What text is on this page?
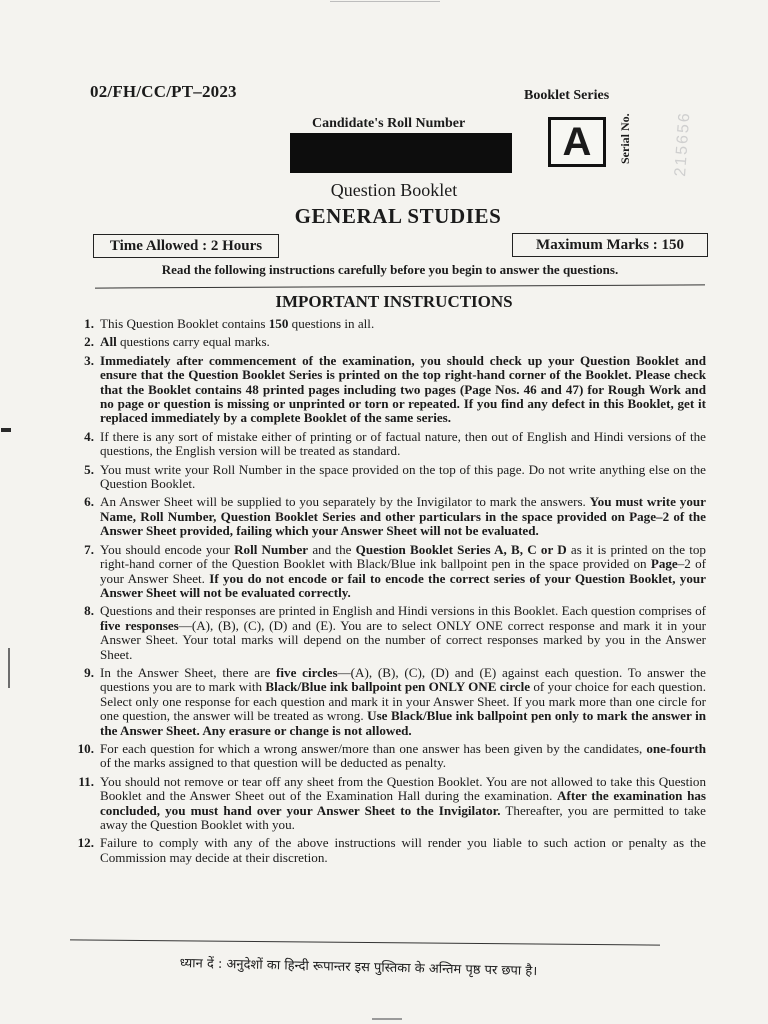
02/FH/CC/PT–2023	Booklet Series
Candidate's Roll Number	A	Serial No.	215656
Question Booklet
GENERAL STUDIES
Time Allowed : 2 Hours	Maximum Marks : 150
Read the following instructions carefully before you begin to answer the questions.
IMPORTANT INSTRUCTIONS
1. This Question Booklet contains 150 questions in all.
2. All questions carry equal marks.
3. Immediately after commencement of the examination, you should check up your Question Booklet and ensure that the Question Booklet Series is printed on the top right-hand corner of the Booklet. Please check that the Booklet contains 48 printed pages including two pages (Page Nos. 46 and 47) for Rough Work and no page or question is missing or unprinted or torn or repeated. If you find any defect in this Booklet, get it replaced immediately by a complete Booklet of the same series.
4. If there is any sort of mistake either of printing or of factual nature, then out of English and Hindi versions of the questions, the English version will be treated as standard.
5. You must write your Roll Number in the space provided on the top of this page. Do not write anything else on the Question Booklet.
6. An Answer Sheet will be supplied to you separately by the Invigilator to mark the answers. You must write your Name, Roll Number, Question Booklet Series and other particulars in the space provided on Page–2 of the Answer Sheet provided, failing which your Answer Sheet will not be evaluated.
7. You should encode your Roll Number and the Question Booklet Series A, B, C or D as it is printed on the top right-hand corner of the Question Booklet with Black/Blue ink ballpoint pen in the space provided on Page–2 of your Answer Sheet. If you do not encode or fail to encode the correct series of your Question Booklet, your Answer Sheet will not be evaluated correctly.
8. Questions and their responses are printed in English and Hindi versions in this Booklet. Each question comprises of five responses—(A), (B), (C), (D) and (E). You are to select ONLY ONE correct response and mark it in your Answer Sheet. Your total marks will depend on the number of correct responses marked by you in the Answer Sheet.
9. In the Answer Sheet, there are five circles—(A), (B), (C), (D) and (E) against each question. To answer the questions you are to mark with Black/Blue ink ballpoint pen ONLY ONE circle of your choice for each question. Select only one response for each question and mark it in your Answer Sheet. If you mark more than one circle for one question, the answer will be treated as wrong. Use Black/Blue ink ballpoint pen only to mark the answer in the Answer Sheet. Any erasure or change is not allowed.
10. For each question for which a wrong answer/more than one answer has been given by the candidates, one-fourth of the marks assigned to that question will be deducted as penalty.
11. You should not remove or tear off any sheet from the Question Booklet. You are not allowed to take this Question Booklet and the Answer Sheet out of the Examination Hall during the examination. After the examination has concluded, you must hand over your Answer Sheet to the Invigilator. Thereafter, you are permitted to take away the Question Booklet with you.
12. Failure to comply with any of the above instructions will render you liable to such action or penalty as the Commission may decide at their discretion.
ध्यान दें : अनुदेशों का हिन्दी रूपान्तर इस पुस्तिका के अन्तिम पृष्ठ पर छपा है।
